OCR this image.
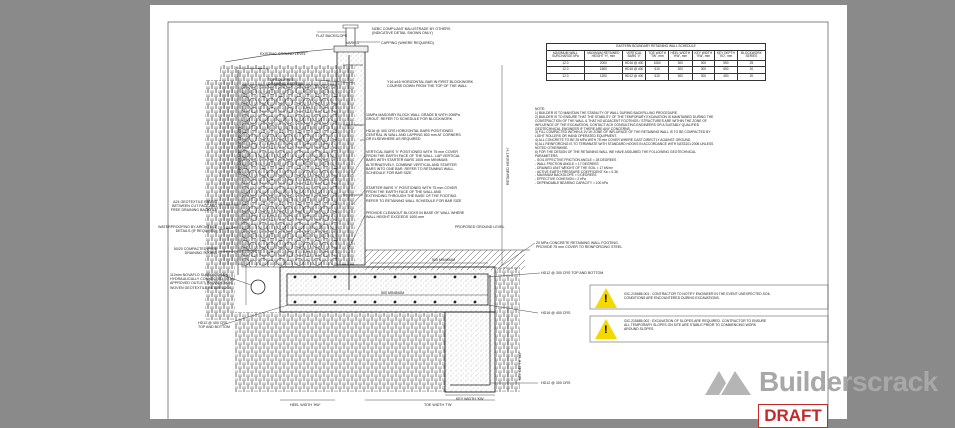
NZBC COMPLIANT BALUSTRADE BY OTHERS
(INDICATIVE DETAIL SHOWN ONLY)
FLAT BACKSLOPE
VARIES	CAPPING (WHERE REQUIRED)
EXISTING GROUND LEVEL
TOPSOIL/FREE
DRAINING MATERIAL
Y16 ø16 HORIZONTAL BAR IN FIRST BLOCKWORK
COURSE DOWN FROM THE TOP OF THE WALL
10MPa MASONRY BLOCK WALL GRADE B WITH 20MPa
GROUT. REFER TO SCHEDULE FOR BLOCKWORK
HD16 @ 400 CRS HORIZONTAL BARS POSITIONED
CENTRAL IN WALL AND LAPPING 800 mm AT CORNERS
OR ELSEWHERE AS REQUIRED
VERTICAL BARS 'V' POSITIONED WITH 75 mm COVER
FROM THE EARTH FACE OF THE WALL. LAP VERTICAL
BARS WITH STARTER BARS 1005 mm MINIMUM.
ALTERNATIVELY, COMBINE VERTICAL AND STARTER
BARS INTO ONE BAR. REFER TO RETAINING WALL
SCHEDULE FOR BAR SIZE
STARTER BARS 'V' POSITIONED WITH 75 mm COVER
FROM THE EARTH FACE OF THE WALL AND
EXTENDING THROUGH THE BASE OF THE FOOTING.
REFER TO RETAINING WALL SCHEDULE FOR BAR SIZE
PROVIDE CLEANOUT BLOCKS IN BASE OF WALL WHERE
WALL HEIGHT EXCEEDS 1000 mm
PROPOSED GROUND LEVEL
A24 GEOTEXTILE FABRIC
BETWEEN CUT FACE AND
FREE DRAINING BACKFILL
WATERPROOFING BY ARCHITECT
DETAILS (IF REQUIRED)
50/20 COMPACTED FREE
DRAINING SCORIA
110mm NOVAFLO SUBSOIL DRAIN
HYDRAULICALLY CONNECTED TO AN
APPROVED OUTLET. PROVIDE NON-
WOVEN GEOTEXTILE FILTER SOCK
20 MPa CONCRETE RETAINING WALL FOOTING.
PROVIDE 75 mm COVER TO REINFORCING STEEL
HD12 @ 300 CRS TOP AND BOTTOM
HD16 @ 400 CRS
HD12 @ 300 CRS
HD12 @ 400 CRS
TOP AND BOTTOM
500 MINIMUM
500 MINIMUM
HEEL WIDTH 'HW'	TOE WIDTH 'TW'
KEY WIDTH 'KW'
KEY DEPTH 'KD'
RETAINED HEIGHT 'H'
APPROXIMATE CUT LENGTH
EASTERN BOUNDARY RETAINING WALL SCHEDULE							
MAXIMUM WALL SURCHARGE kPa	MAXIMUM RETAINED HEIGHT 'H', mm	VERTICAL BARS 'V'	TOE WIDTH 'TW', mm	HEEL WIDTH 'HW', mm	KEY WIDTH 'KW', mm	KEY DEPTH 'KD', mm	BLOCKWORK SERIES
12.0	2000	HD16 @ 400	1060	300	300	550	25
12.0	1600	HD16 @ 400	610	300	300	650	20
12.0	1200	HD12 @ 400	610	300	300	450	20
NOTE:
1) BUILDER IS TO MAINTAIN THE STABILITY OF WALL DURING BACKFILLING PROCEDURE.
2) BUILDER IS TO ENSURE THAT THE STABILITY OF THE TEMPORARY EXCAVATION IS MAINTAINED DURING THE
CONSTRUCTION OF THE WALL & THAT NO ADJACENT FOOTINGS / STRUCTURES ARE WITHIN THE ZONE OF
INFLUENCE OF THE EXCAVATION, CONTACT ACH CONSULTING ENGINEERS OR A SUITABLY QUALIFIED
GEOTECHNICAL ENGINEER IF THERE ARE ANY CONCERNS.
3) FILL COMPACTED WITHIN A 1V:1H ZONE OF INFLUENCE OF THE RETAINING WALL IS TO BE COMPACTED BY
LIGHT ROLLERS OR HAND OPERATED EQUIPMENT.
4) ALL CONCRETE TO BE 25 MPa WITH 75 mm COVER WHERE CAST DIRECTLY AGAINST GROUND.
5) ALL REINFORCING IS TO TERMINATE WITH STANDARD HOOKS IN ACCORDANCE WITH NZS3101:2006 UNLESS
NOTED OTHERWISE.
6) FOR THE DESIGN OF THE RETAINING WALL WE HAVE ASSUMED THE FOLLOWING GEOTECHNICAL
PARAMETERS:
- SOIL EFFECTIVE FRICTION ANGLE = 28 DEGREES
- WALL FRICTION ANGLE = 17 DEGREES
- DRAINED UNIT WEIGHT OF THE SOIL = 17 kN/m³
- ACTIVE EARTH PRESSURE COEFFICIENT Ka = 0.36
- MAXIMUM BACKSLOPE = 0 DEGREES
- EFFECTIVE COHESION = 2 kPa
- DEPENDABLE BEARING CAPACITY = 100 kPa
!	GIC-215685-001 : CONTRACTOR TO NOTIFY ENGINEER IN THE EVENT UNEXPECTED SOIL
CONDITIONS ARE ENCOUNTERED DURING EXCAVATIONS.
!
GIC-215685-002 : EXCAVATION OF SLOPES ARE REQUIRED. CONTRACTOR TO ENSURE
ALL TEMPORARY SLOPES ON SITE ARE STABLE PRIOR TO COMMENCING WORK
AROUND SLOPES.
Builderscrack
DRAFT
